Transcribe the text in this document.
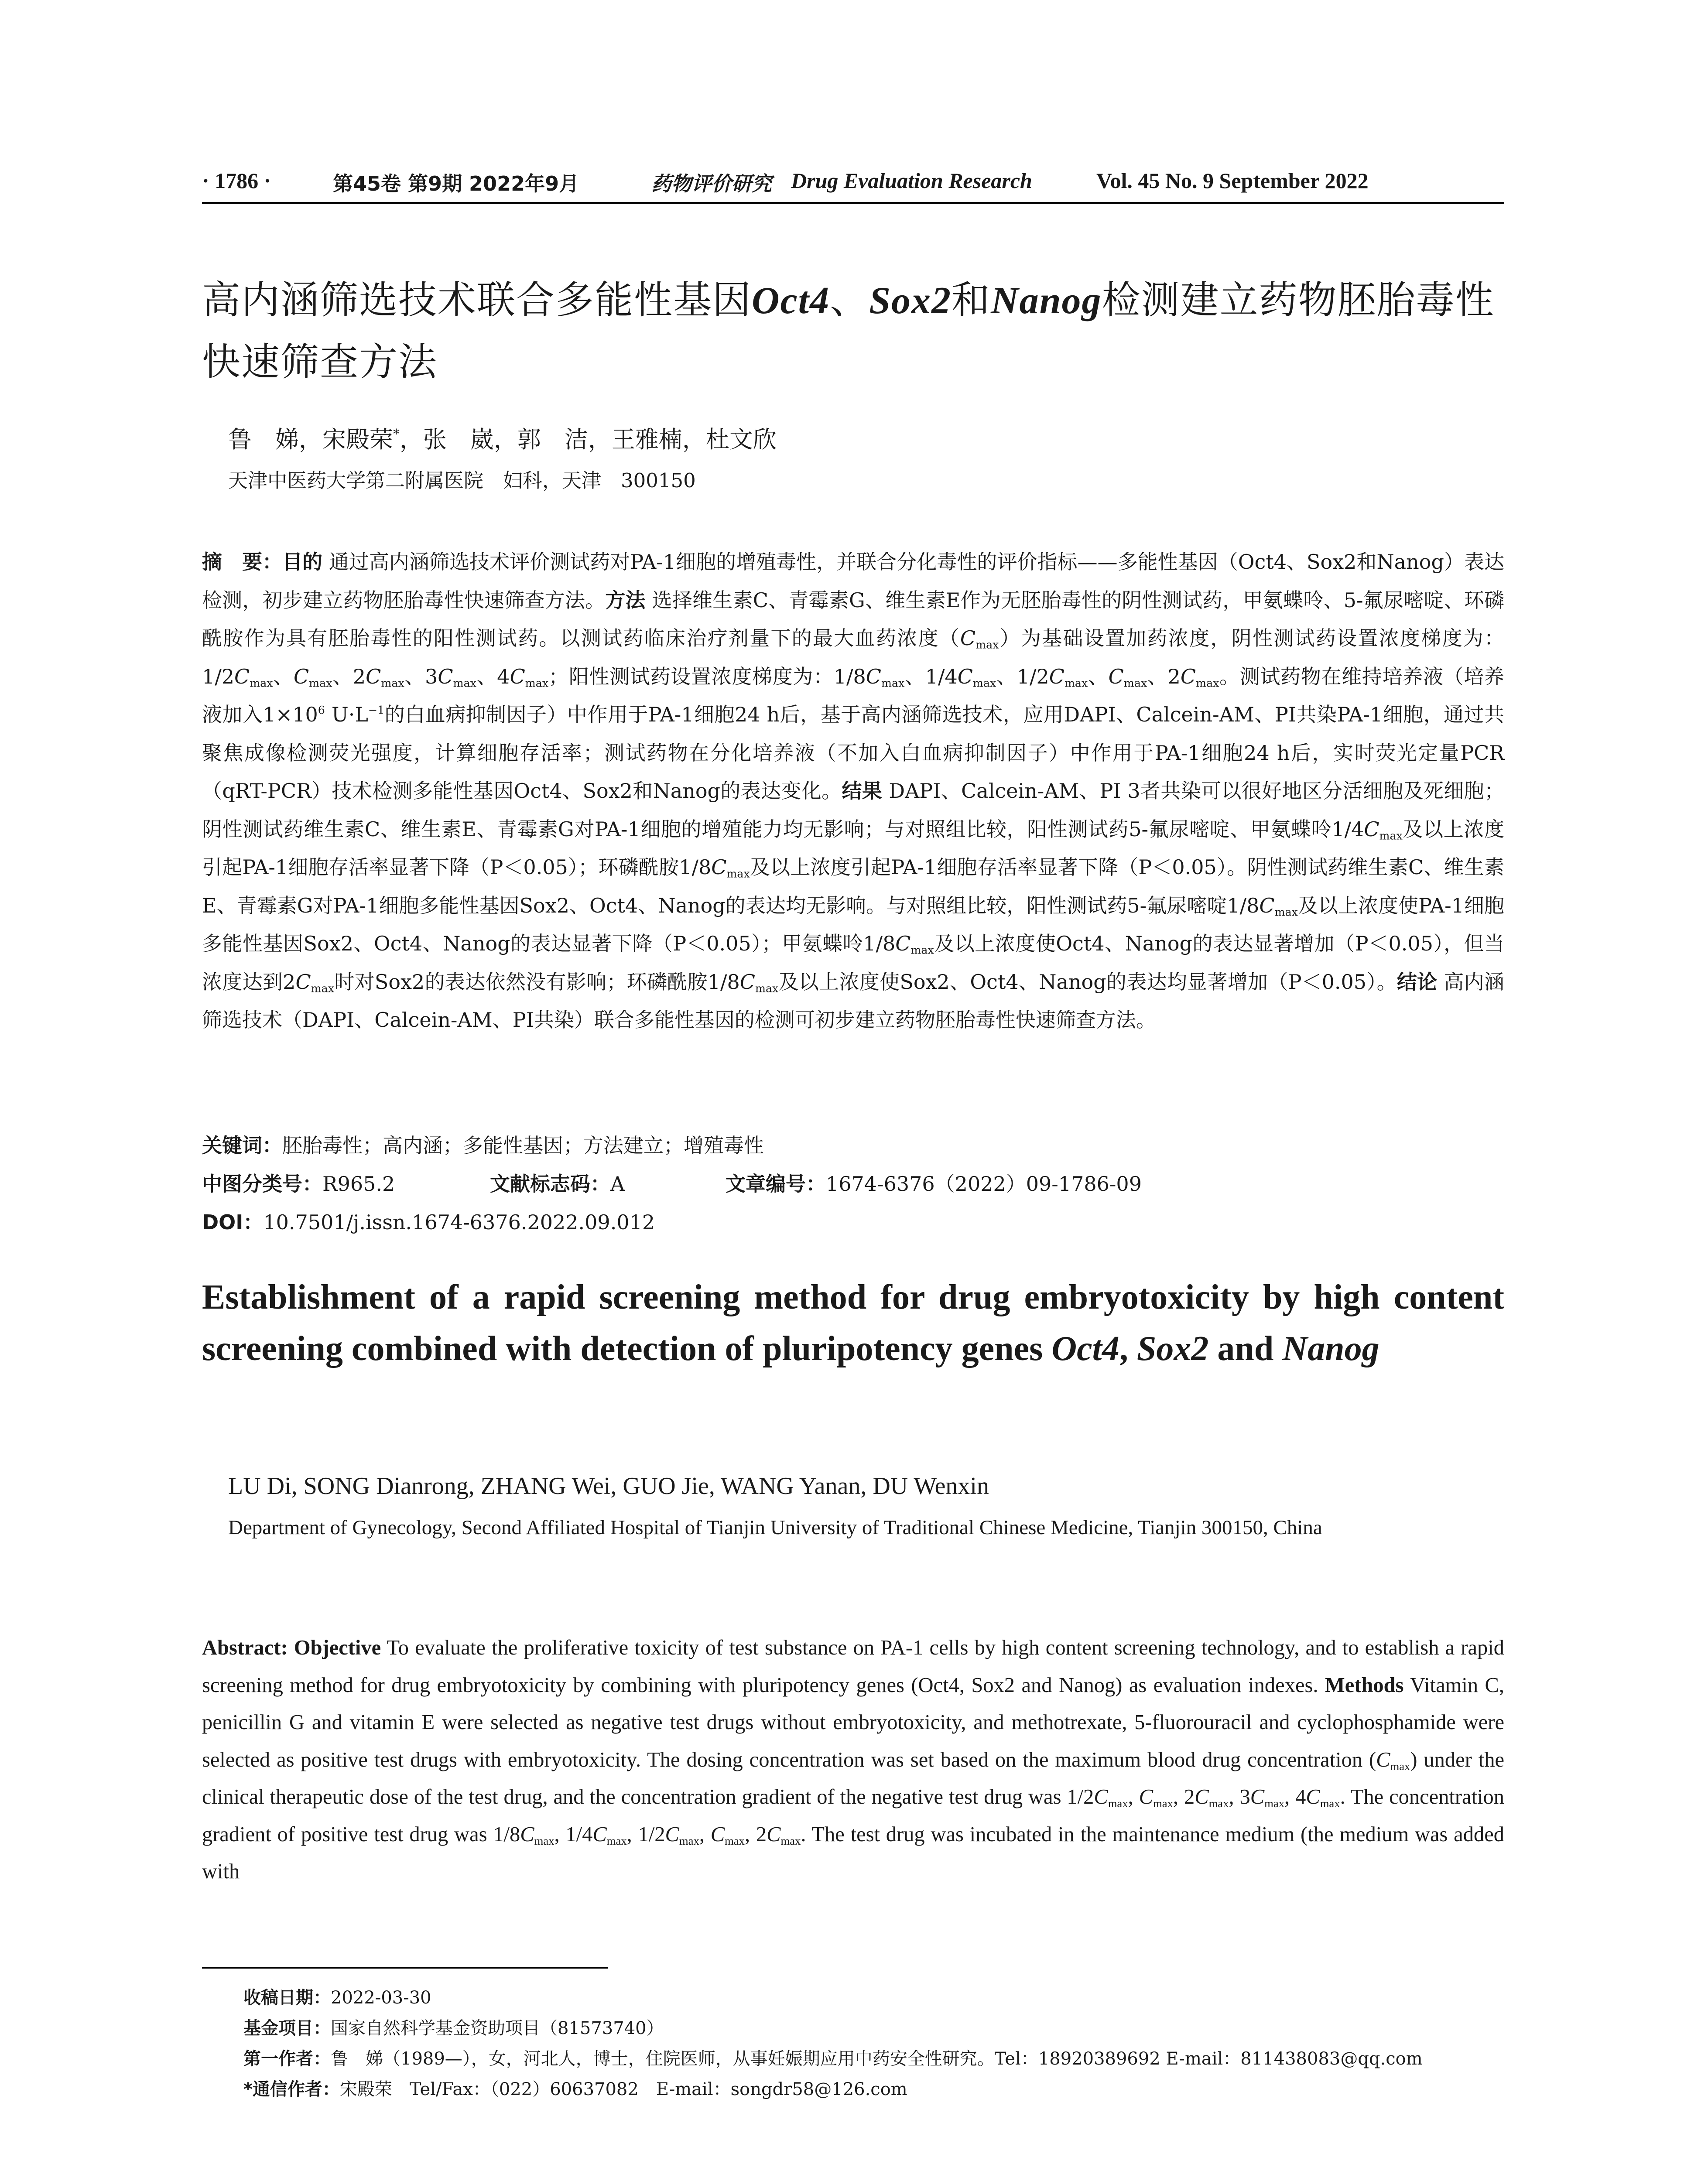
· 1786 ·	第45卷 第9期 2022年9月	药物评价研究 Drug Evaluation Research	Vol. 45 No. 9 September 2022
高内涵筛选技术联合多能性基因Oct4、Sox2和Nanog检测建立药物胚胎毒性快速筛查方法
鲁　娣，宋殿荣*，张　崴，郭　洁，王雅楠，杜文欣
天津中医药大学第二附属医院　妇科，天津　300150
摘　要：目的 通过高内涵筛选技术评价测试药对PA-1细胞的增殖毒性，并联合分化毒性的评价指标——多能性基因（Oct4、Sox2和Nanog）表达检测，初步建立药物胚胎毒性快速筛查方法。方法 选择维生素C、青霉素G、维生素E作为无胚胎毒性的阴性测试药，甲氨蝶呤、5-氟尿嘧啶、环磷酰胺作为具有胚胎毒性的阳性测试药。以测试药临床治疗剂量下的最大血药浓度$(C_{max})$为基础设置加药浓度，阴性测试药设置浓度梯度为：$1/2C_{max}$、$C_{max}$、$2C_{max}$、$3C_{max}$、$4C_{max}$；阳性测试药设置浓度梯度为：$1/8C_{max}$、$1/4C_{max}$、$1/2C_{max}$、$C_{max}$、$2C_{max}$。测试药物在维持培养液（培养液加入$1\times 10^6$ $U\cdot L^{-1}$的白血病抑制因子）中作用于PA-1细胞24 h后，基于高内涵筛选技术，应用DAPI、Calcein-AM、PI共染PA-1细胞，通过共聚焦成像检测荧光强度，计算细胞存活率；测试药物在分化培养液（不加入白血病抑制因子）中作用于PA-1细胞24 h后，实时荧光定量PCR（qRT-PCR）技术检测多能性基因Oct4、Sox2和Nanog的表达变化。结果 DAPI、Calcein-AM、PI 3者共染可以很好地区分活细胞及死细胞；阴性测试药维生素C、维生素E、青霉素G对PA-1细胞的增殖能力均无影响；与对照组比较，阳性测试药5-氟尿嘧啶、甲氨蝶呤$1/4C_{max}$及以上浓度引起PA-1细胞存活率显著下降（P＜0.05）；环磷酰胺$1/8C_{max}$及以上浓度引起PA-1细胞存活率显著下降（P＜0.05）。阴性测试药维生素C、维生素E、青霉素G对PA-1细胞多能性基因Sox2、Oct4、Nanog的表达均无影响。与对照组比较，阳性测试药5-氟尿嘧啶$1/8C_{max}$及以上浓度使PA-1细胞多能性基因Sox2、Oct4、Nanog的表达显著下降（P＜0.05）；甲氨蝶呤$1/8C_{max}$及以上浓度使Oct4、Nanog的表达显著增加（P＜0.05），但当浓度达到$2C_{max}$时对Sox2的表达依然没有影响；环磷酰胺$1/8C_{max}$及以上浓度使Sox2、Oct4、Nanog的表达均显著增加（P＜0.05）。结论 高内涵筛选技术（DAPI、Calcein-AM、PI共染）联合多能性基因的检测可初步建立药物胚胎毒性快速筛查方法。
关键词：胚胎毒性；高内涵；多能性基因；方法建立；增殖毒性
中图分类号：R965.2	文献标志码：A	文章编号：1674-6376（2022）09-1786-09
DOI：10.7501/j.issn.1674-6376.2022.09.012
Establishment of a rapid screening method for drug embryotoxicity by high content screening combined with detection of pluripotency genes Oct4, Sox2 and Nanog
LU Di, SONG Dianrong, ZHANG Wei, GUO Jie, WANG Yanan, DU Wenxin
Department of Gynecology, Second Affiliated Hospital of Tianjin University of Traditional Chinese Medicine, Tianjin 300150, China
Abstract: Objective To evaluate the proliferative toxicity of test substance on PA-1 cells by high content screening technology, and to establish a rapid screening method for drug embryotoxicity by combining with pluripotency genes (Oct4, Sox2 and Nanog) as evaluation indexes. Methods Vitamin C, penicillin G and vitamin E were selected as negative test drugs without embryotoxicity, and methotrexate, 5-fluorouracil and cyclophosphamide were selected as positive test drugs with embryotoxicity. The dosing concentration was set based on the maximum blood drug concentration $(C_{max})$ under the clinical therapeutic dose of the test drug, and the concentration gradient of the negative test drug was $1/2C_{max}$, $C_{max}$, $2C_{max}$, $3C_{max}$, $4C_{max}$. The concentration gradient of positive test drug was $1/8C_{max}$, $1/4C_{max}$, $1/2C_{max}$, $C_{max}$, $2C_{max}$. The test drug was incubated in the maintenance medium (the medium was added with
收稿日期：2022-03-30
基金项目：国家自然科学基金资助项目（81573740）
第一作者：鲁　娣（1989—），女，河北人，博士，住院医师，从事妊娠期应用中药安全性研究。Tel：18920389692 E-mail：811438083@qq.com
*通信作者：宋殿荣　Tel/Fax：（022）60637082　E-mail：songdr58@126.com
